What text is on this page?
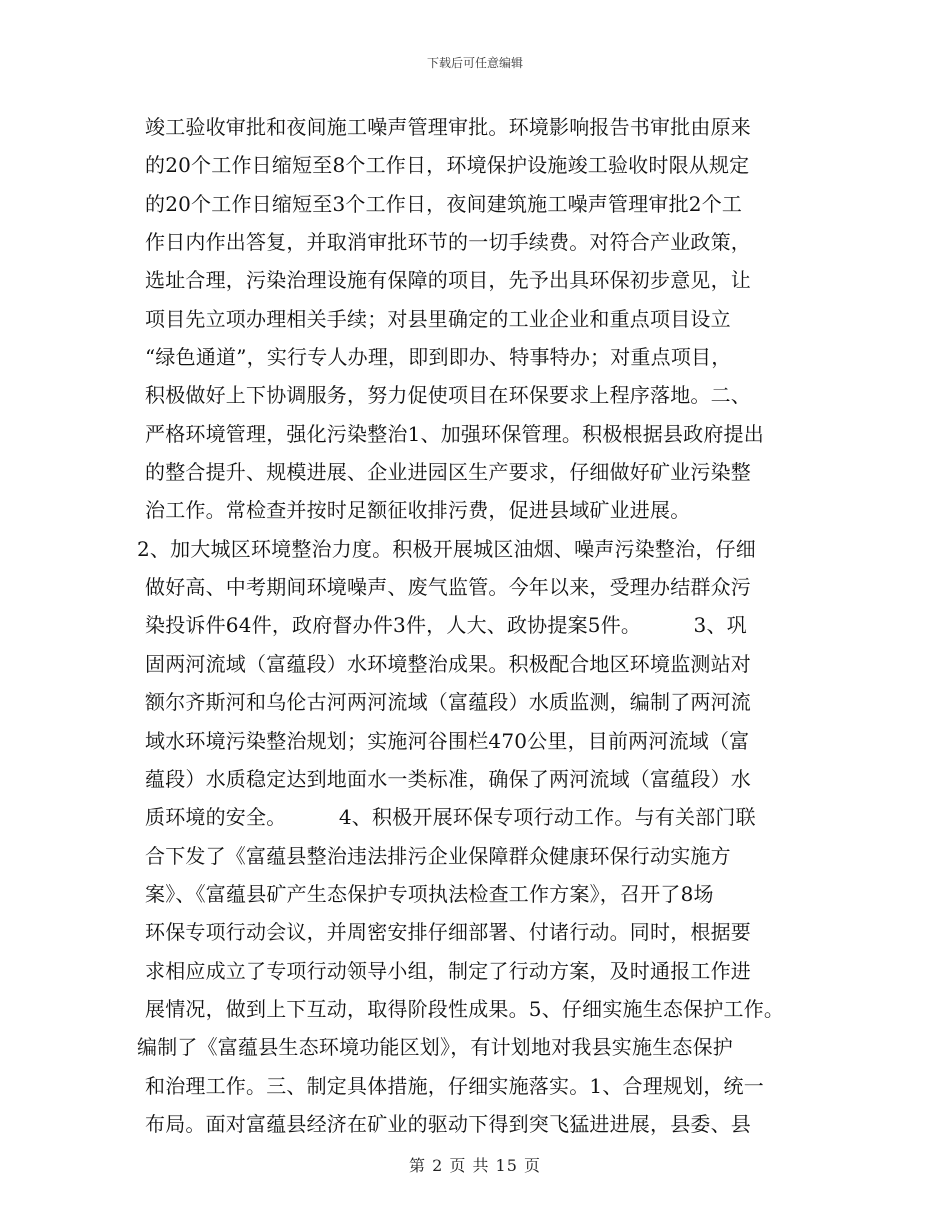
下载后可任意编辑
竣工验收审批和夜间施工噪声管理审批。环境影响报告书审批由原来
的20个工作日缩短至8个工作日，环境保护设施竣工验收时限从规定
的20个工作日缩短至3个工作日，夜间建筑施工噪声管理审批2个工
作日内作出答复，并取消审批环节的一切手续费。对符合产业政策，
选址合理，污染治理设施有保障的项目，先予出具环保初步意见，让
项目先立项办理相关手续；对县里确定的工业企业和重点项目设立
“绿色通道”，实行专人办理，即到即办、特事特办；对重点项目，
积极做好上下协调服务，努力促使项目在环保要求上程序落地。二、
严格环境管理，强化污染整治1、加强环保管理。积极根据县政府提出
的整合提升、规模进展、企业进园区生产要求，仔细做好矿业污染整
治工作。常检查并按时足额征收排污费，促进县域矿业进展。
2、加大城区环境整治力度。积极开展城区油烟、噪声污染整治，仔细
做好高、中考期间环境噪声、废气监管。今年以来，受理办结群众污
染投诉件64件，政府督办件3件，人大、政协提案5件。        3、巩
固两河流域（富蕴段）水环境整治成果。积极配合地区环境监测站对
额尔齐斯河和乌伦古河两河流域（富蕴段）水质监测，编制了两河流
域水环境污染整治规划；实施河谷围栏470公里，目前两河流域（富
蕴段）水质稳定达到地面水一类标准，确保了两河流域（富蕴段）水
质环境的安全。        4、积极开展环保专项行动工作。与有关部门联
合下发了《富蕴县整治违法排污企业保障群众健康环保行动实施方
案》、《富蕴县矿产生态保护专项执法检查工作方案》，召开了8场
环保专项行动会议，并周密安排仔细部署、付诸行动。同时，根据要
求相应成立了专项行动领导小组，制定了行动方案，及时通报工作进
展情况，做到上下互动，取得阶段性成果。5、仔细实施生态保护工作。
编制了《富蕴县生态环境功能区划》，有计划地对我县实施生态保护
和治理工作。三、制定具体措施，仔细实施落实。1、合理规划，统一
布局。面对富蕴县经济在矿业的驱动下得到突飞猛进进展，县委、县
第 2 页 共 15 页
